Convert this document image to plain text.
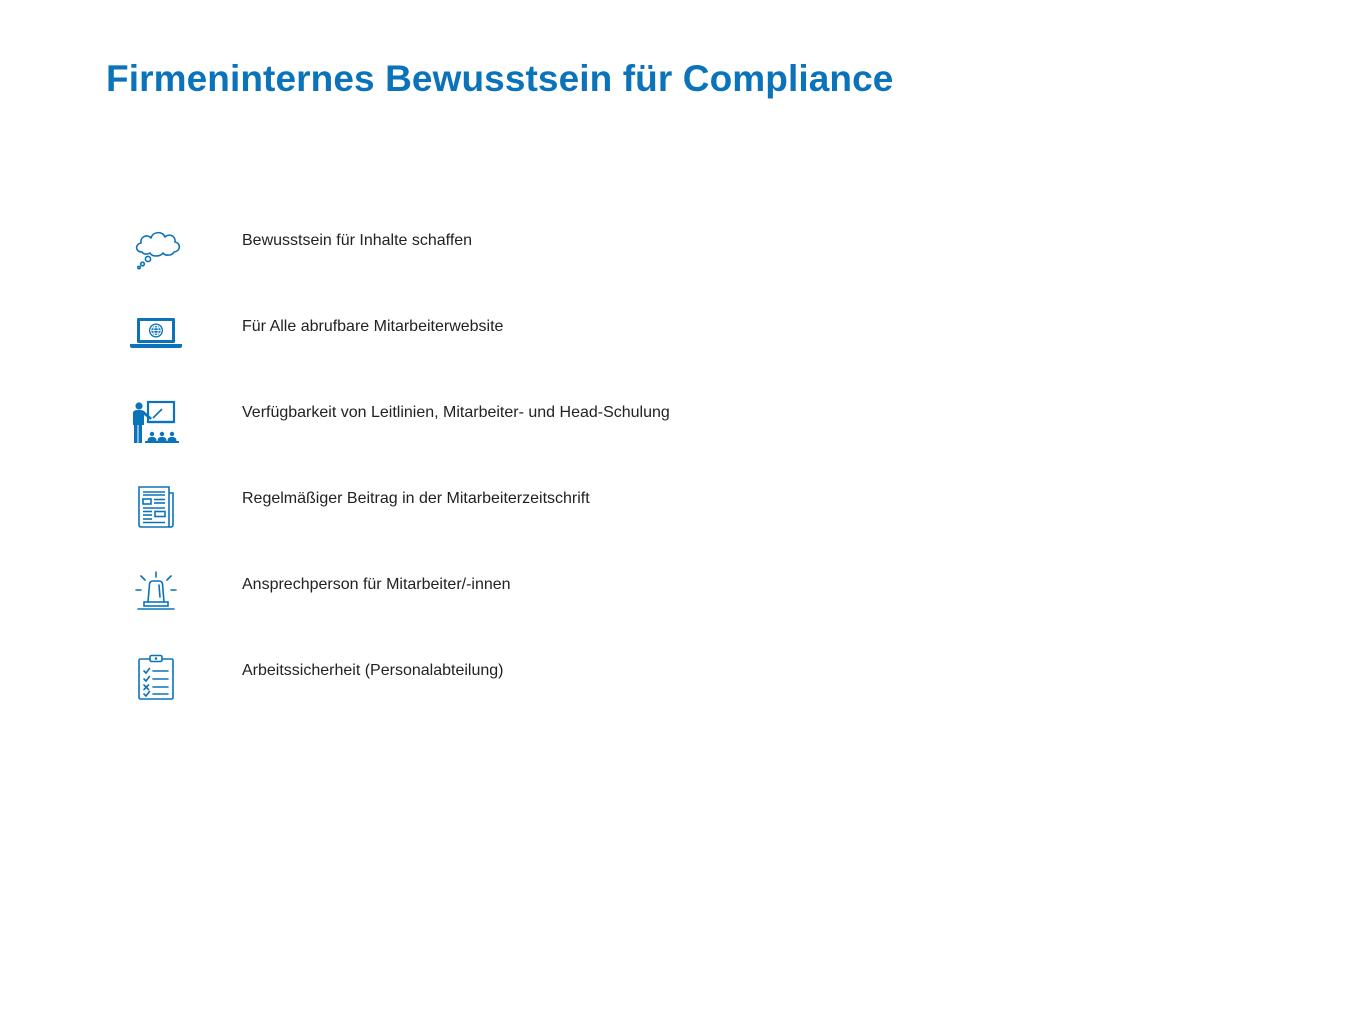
Firmeninternes Bewusstsein für Compliance
Bewusstsein für Inhalte schaffen
Für Alle abrufbare Mitarbeiterwebsite
Verfügbarkeit von Leitlinien, Mitarbeiter- und Head-Schulung
Regelmäßiger Beitrag in der Mitarbeiterzeitschrift
Ansprechperson für Mitarbeiter/-innen
Arbeitssicherheit (Personalabteilung)
